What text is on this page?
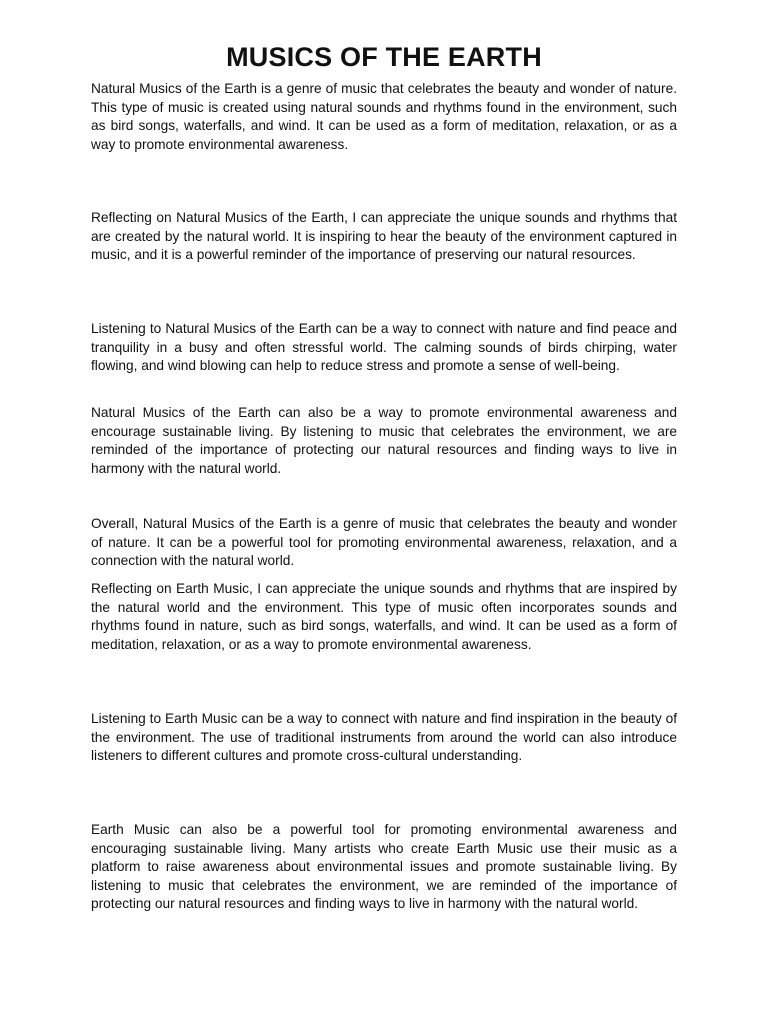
MUSICS OF THE EARTH

Natural Musics of the Earth is a genre of music that celebrates the beauty and wonder of nature. This type of music is created using natural sounds and rhythms found in the environment, such as bird songs, waterfalls, and wind. It can be used as a form of meditation, relaxation, or as a way to promote environmental awareness.

Reflecting on Natural Musics of the Earth, I can appreciate the unique sounds and rhythms that are created by the natural world. It is inspiring to hear the beauty of the environment captured in music, and it is a powerful reminder of the importance of preserving our natural resources.

Listening to Natural Musics of the Earth can be a way to connect with nature and find peace and tranquility in a busy and often stressful world. The calming sounds of birds chirping, water flowing, and wind blowing can help to reduce stress and promote a sense of well-being.

Natural Musics of the Earth can also be a way to promote environmental awareness and encourage sustainable living. By listening to music that celebrates the environment, we are reminded of the importance of protecting our natural resources and finding ways to live in harmony with the natural world.

Overall, Natural Musics of the Earth is a genre of music that celebrates the beauty and wonder of nature. It can be a powerful tool for promoting environmental awareness, relaxation, and a connection with the natural world.

Reflecting on Earth Music, I can appreciate the unique sounds and rhythms that are inspired by the natural world and the environment. This type of music often incorporates sounds and rhythms found in nature, such as bird songs, waterfalls, and wind. It can be used as a form of meditation, relaxation, or as a way to promote environmental awareness.

Listening to Earth Music can be a way to connect with nature and find inspiration in the beauty of the environment. The use of traditional instruments from around the world can also introduce listeners to different cultures and promote cross-cultural understanding.

Earth Music can also be a powerful tool for promoting environmental awareness and encouraging sustainable living. Many artists who create Earth Music use their music as a platform to raise awareness about environmental issues and promote sustainable living. By listening to music that celebrates the environment, we are reminded of the importance of protecting our natural resources and finding ways to live in harmony with the natural world.
